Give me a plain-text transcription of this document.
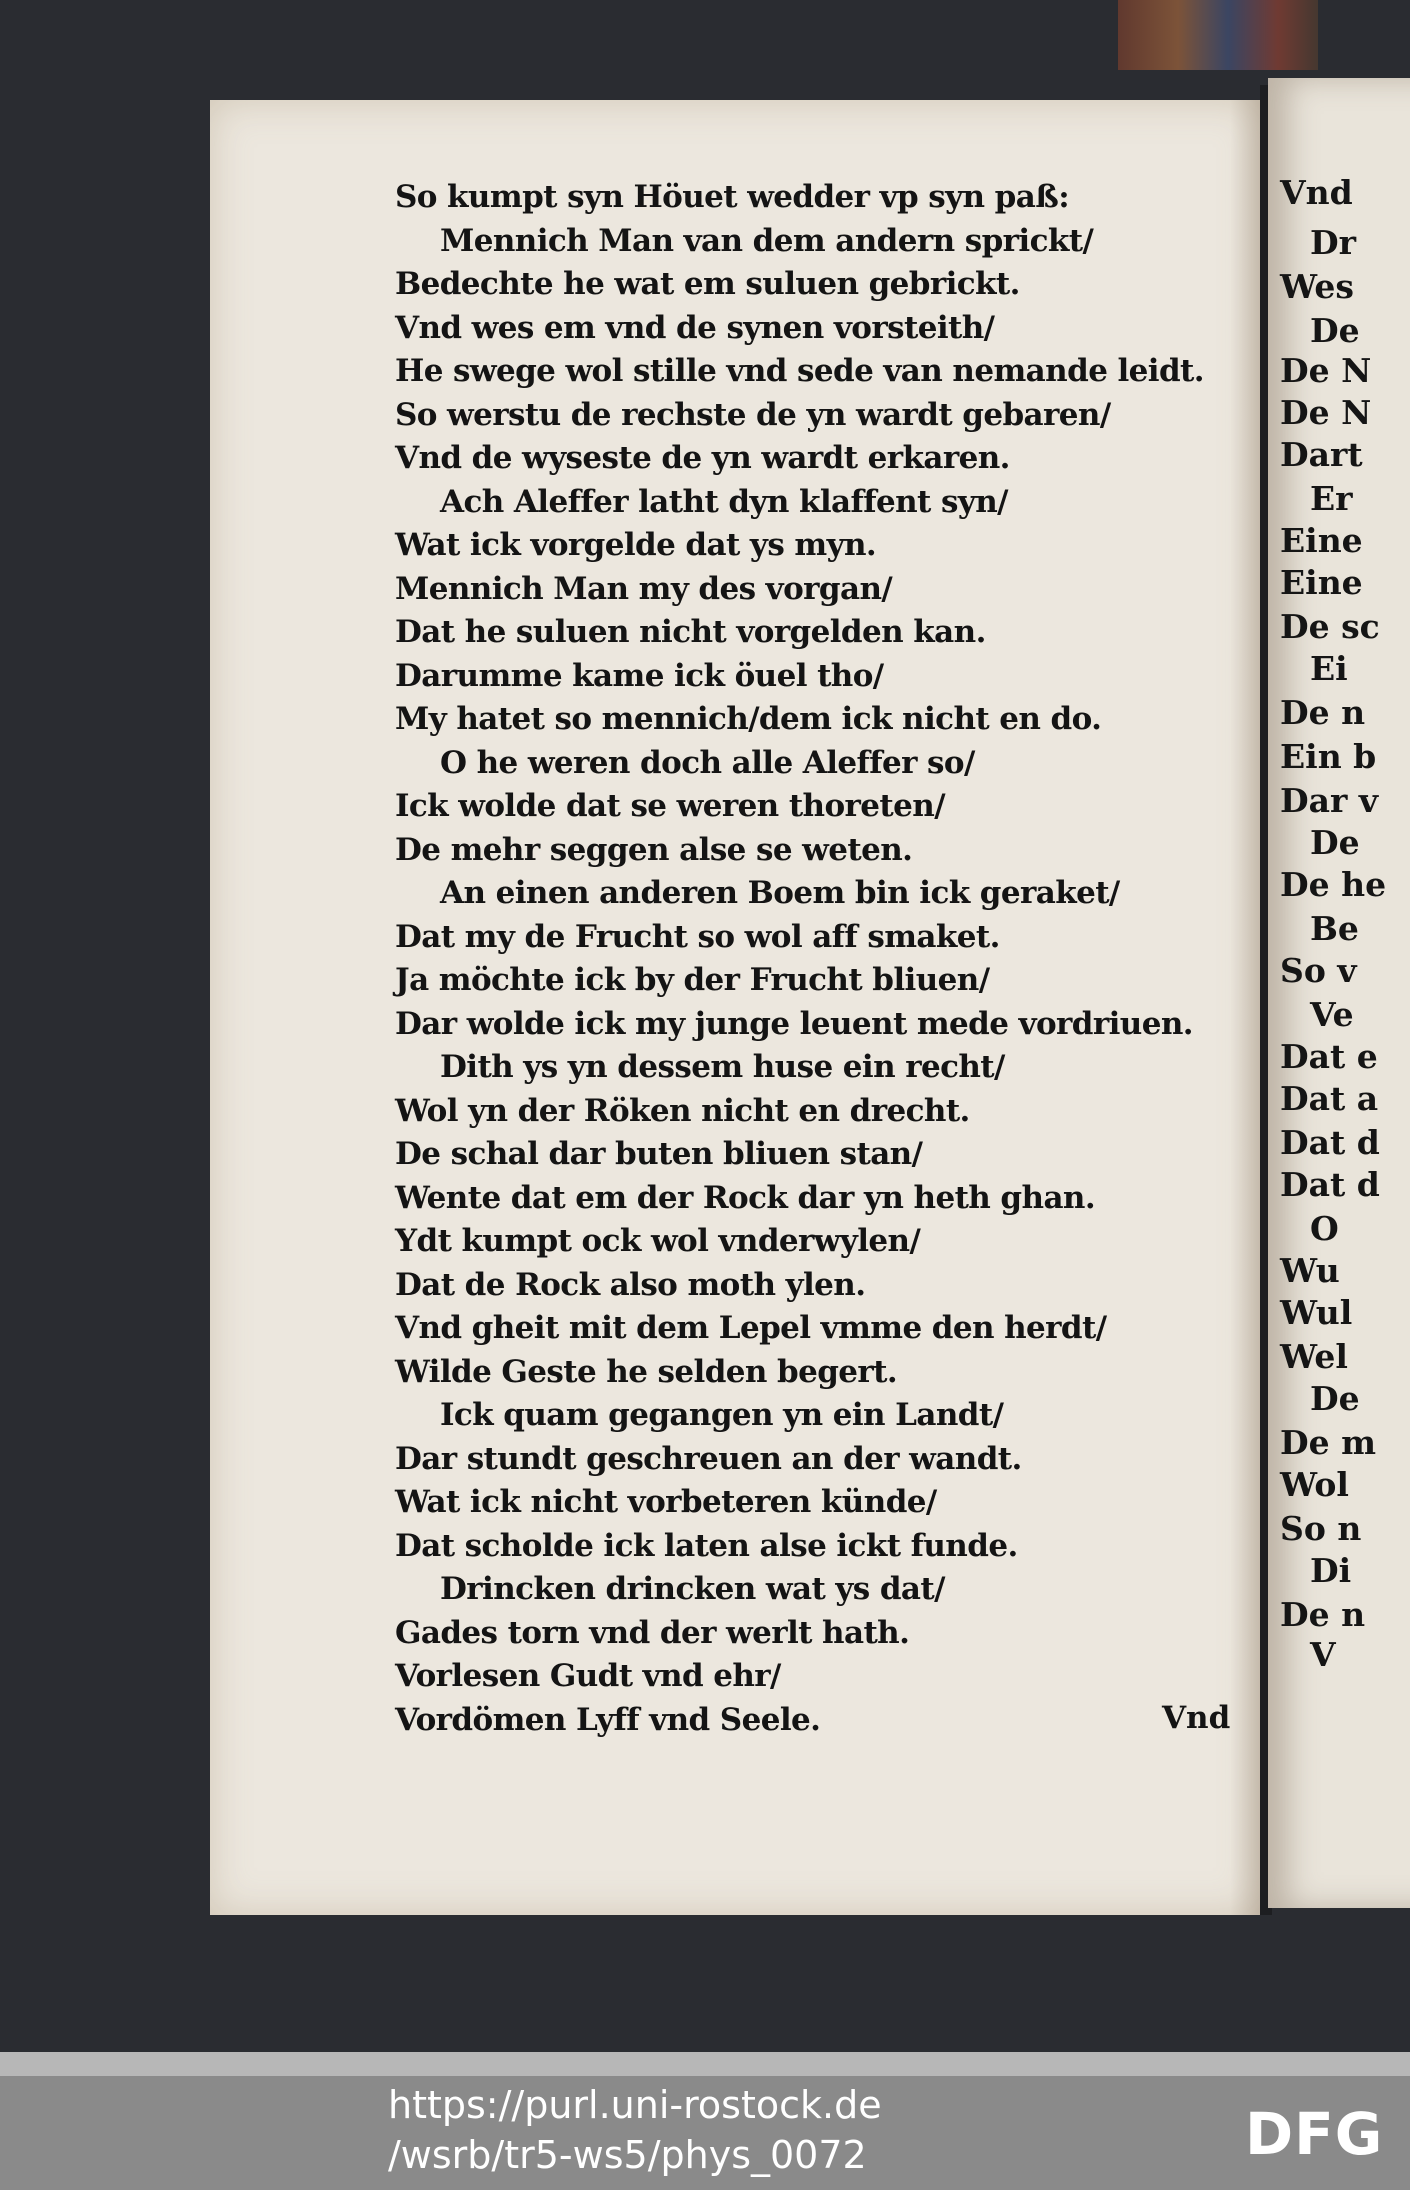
Vnd
Dr
Wes
De
De N
De N
Dart
Er
Eine
Eine
De sc
Ei
De n
Ein b
Dar v
De
De he
Be
So v
Ve
Dat e
Dat a
Dat d
Dat d
O
Wu
Wul
Wel
De
De m
Wol
So n
Di
De n
V
So kumpt syn Höuet wedder vp syn paß:
Mennich Man van dem andern sprickt/
Bedechte he wat em suluen gebrickt.
Vnd wes em vnd de synen vorsteith/
He swege wol stille vnd sede van nemande leidt.
So werstu de rechste de yn wardt gebaren/
Vnd de wyseste de yn wardt erkaren.
Ach Aleffer latht dyn klaffent syn/
Wat ick vorgelde dat ys myn.
Mennich Man my des vorgan/
Dat he suluen nicht vorgelden kan.
Darumme kame ick öuel tho/
My hatet so mennich/dem ick nicht en do.
O he weren doch alle Aleffer so/
Ick wolde dat se weren thoreten/
De mehr seggen alse se weten.
An einen anderen Boem bin ick geraket/
Dat my de Frucht so wol aff smaket.
Ja möchte ick by der Frucht bliuen/
Dar wolde ick my junge leuent mede vordriuen.
Dith ys yn dessem huse ein recht/
Wol yn der Röken nicht en drecht.
De schal dar buten bliuen stan/
Wente dat em der Rock dar yn heth ghan.
Ydt kumpt ock wol vnderwylen/
Dat de Rock also moth ylen.
Vnd gheit mit dem Lepel vmme den herdt/
Wilde Geste he selden begert.
Ick quam gegangen yn ein Landt/
Dar stundt geschreuen an der wandt.
Wat ick nicht vorbeteren künde/
Dat scholde ick laten alse ickt funde.
Drincken drincken wat ys dat/
Gades torn vnd der werlt hath.
Vorlesen Gudt vnd ehr/
Vordömen Lyff vnd Seele.	Vnd
https://purl.uni-rostock.de
/wsrb/tr5-ws5/phys_0072	DFG
